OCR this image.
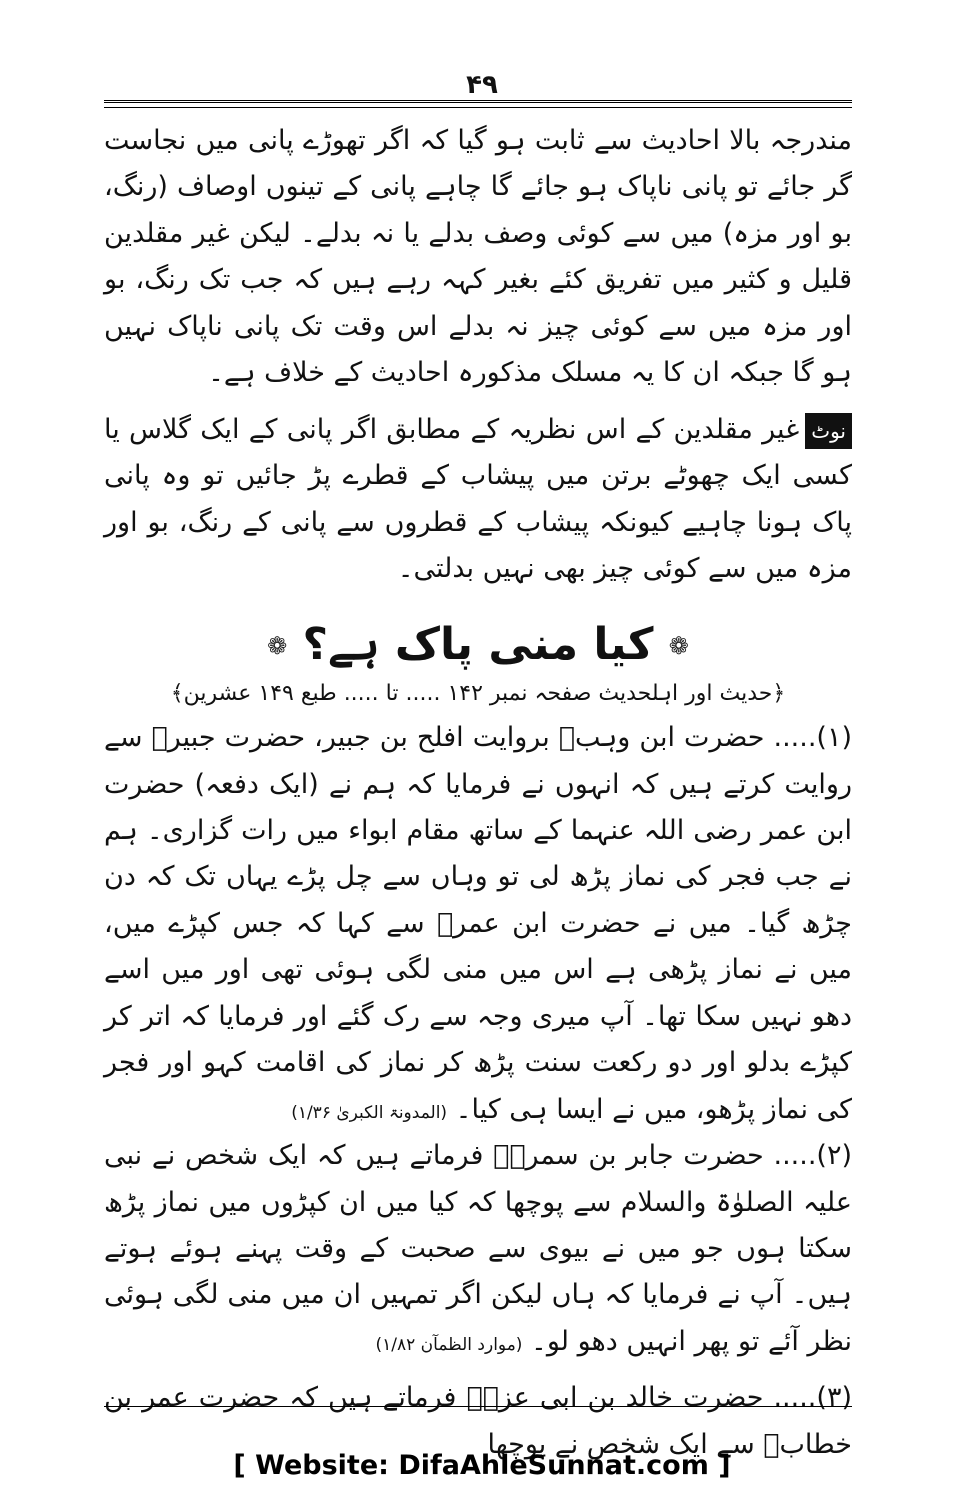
۴۹

مندرجہ بالا احادیث سے ثابت ہو گیا کہ اگر تھوڑے پانی میں نجاست گر جائے تو پانی ناپاک ہو جائے گا چاہے پانی کے تینوں اوصاف (رنگ، بو اور مزہ) میں سے کوئی وصف بدلے یا نہ بدلے۔ لیکن غیر مقلدین قلیل و کثیر میں تفریق کئے بغیر کہہ رہے ہیں کہ جب تک رنگ، بو اور مزہ میں سے کوئی چیز نہ بدلے اس وقت تک پانی ناپاک نہیں ہو گا جبکہ ان کا یہ مسلک مذکورہ احادیث کے خلاف ہے۔

نوٹغیر مقلدین کے اس نظریہ کے مطابق اگر پانی کے ایک گلاس یا کسی ایک چھوٹے برتن میں پیشاب کے قطرے پڑ جائیں تو وہ پانی پاک ہونا چاہیے کیونکہ پیشاب کے قطروں سے پانی کے رنگ، بو اور مزہ میں سے کوئی چیز بھی نہیں بدلتی۔

❁ کیا منی پاک ہے؟ ❁
﴿حدیث اور اہلحدیث صفحہ نمبر ۱۴۲ ..... تا ..... طبع ۱۴۹ عشرین﴾

(۱)..... حضرت ابن وہبؒ بروایت افلح بن جبیر، حضرت جبیرؒ سے روایت کرتے ہیں کہ انہوں نے فرمایا کہ ہم نے (ایک دفعہ) حضرت ابن عمر رضی اللہ عنہما کے ساتھ مقام ابواء میں رات گزاری۔ ہم نے جب فجر کی نماز پڑھ لی تو وہاں سے چل پڑے یہاں تک کہ دن چڑھ گیا۔ میں نے حضرت ابن عمرؓ سے کہا کہ جس کپڑے میں، میں نے نماز پڑھی ہے اس میں منی لگی ہوئی تھی اور میں اسے دھو نہیں سکا تھا۔ آپ میری وجہ سے رک گئے اور فرمایا کہ اتر کر کپڑے بدلو اور دو رکعت سنت پڑھ کر نماز کی اقامت کہو اور فجر کی نماز پڑھو، میں نے ایسا ہی کیا۔ (المدونۃ الکبریٰ ۱/۳۶)

(۲)..... حضرت جابر بن سمرہؓ فرماتے ہیں کہ ایک شخص نے نبی علیہ الصلوٰۃ والسلام سے پوچھا کہ کیا میں ان کپڑوں میں نماز پڑھ سکتا ہوں جو میں نے بیوی سے صحبت کے وقت پہنے ہوئے ہوتے ہیں۔ آپ نے فرمایا کہ ہاں لیکن اگر تمہیں ان میں منی لگی ہوئی نظر آئے تو پھر انہیں دھو لو۔ (موارد الظمآن ۱/۸۲)

(۳)..... حضرت خالد بن ابی عزۃؒ فرماتے ہیں کہ حضرت عمر بن خطابؓ سے ایک شخص نے پوچھا

[ Website: DifaAhleSunnat.com ]
